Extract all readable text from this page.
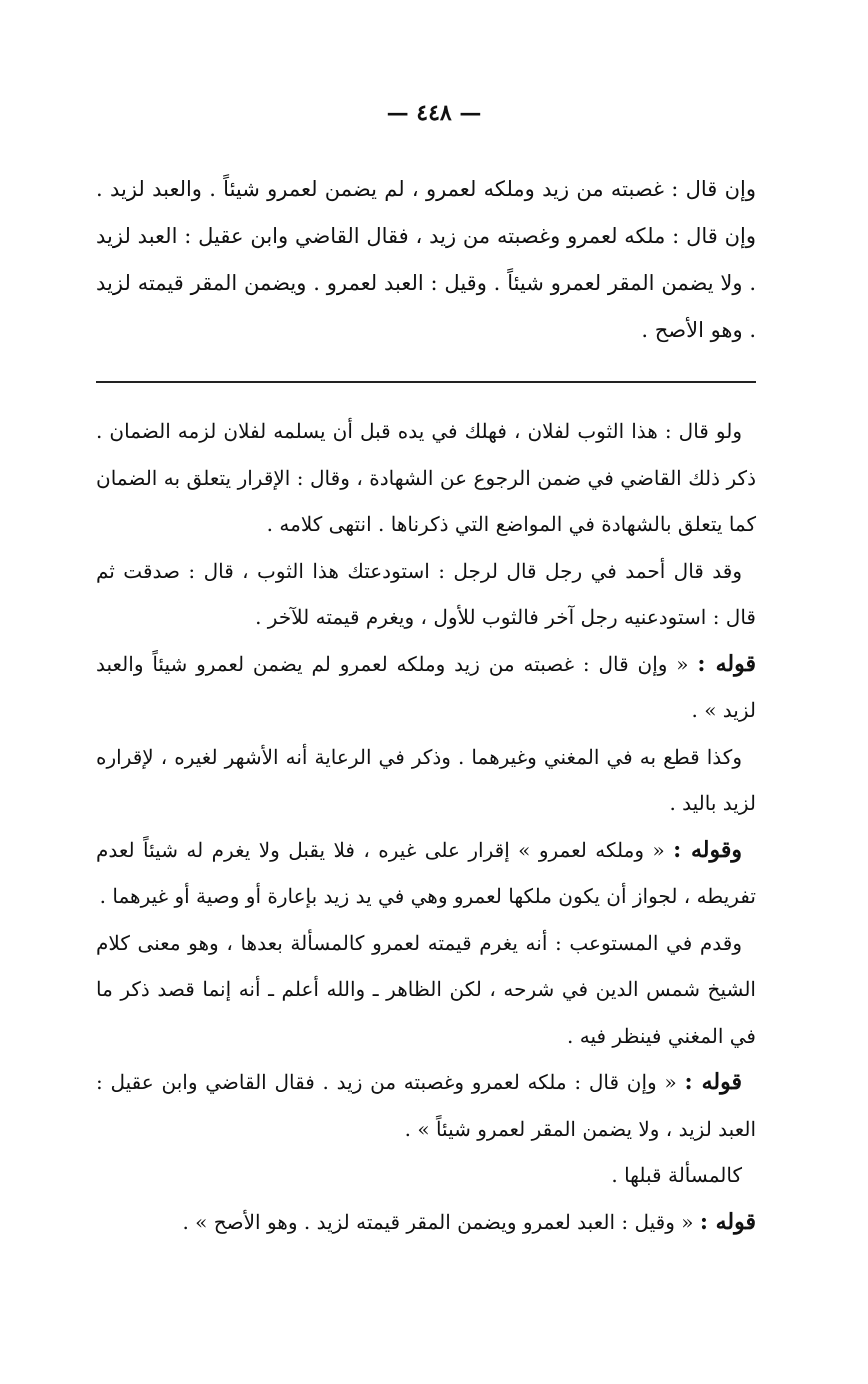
— ٤٤٨ —

وإن قال : غصبته من زيد وملكه لعمرو ، لم يضمن لعمرو شيئاً . والعبد لزيد . وإن قال : ملكه لعمرو وغصبته من زيد ، فقال القاضي وابن عقيل : العبد لزيد . ولا يضمن المقر لعمرو شيئاً . وقيل : العبد لعمرو . ويضمن المقر قيمته لزيد . وهو الأصح .

ولو قال : هذا الثوب لفلان ، فهلك في يده قبل أن يسلمه لفلان لزمه الضمان . ذكر ذلك القاضي في ضمن الرجوع عن الشهادة ، وقال : الإقرار يتعلق به الضمان كما يتعلق بالشهادة في المواضع التي ذكرناها . انتهى كلامه .

وقد قال أحمد في رجل قال لرجل : استودعتك هذا الثوب ، قال : صدقت ثم قال : استودعنيه رجل آخر فالثوب للأول ، ويغرم قيمته للآخر .

قوله : « وإن قال : غصبته من زيد وملكه لعمرو لم يضمن لعمرو شيئاً والعبد لزيد » .

وكذا قطع به في المغني وغيرهما . وذكر في الرعاية أنه الأشهر لغيره ، لإقراره لزيد باليد .

وقوله : « وملكه لعمرو » إقرار على غيره ، فلا يقبل ولا يغرم له شيئاً لعدم تفريطه ، لجواز أن يكون ملكها لعمرو وهي في يد زيد بإعارة أو وصية أو غيرهما .

وقدم في المستوعب : أنه يغرم قيمته لعمرو كالمسألة بعدها ، وهو معنى كلام الشيخ شمس الدين في شرحه ، لكن الظاهر ـ والله أعلم ـ أنه إنما قصد ذكر ما في المغني فينظر فيه .

قوله : « وإن قال : ملكه لعمرو وغصبته من زيد . فقال القاضي وابن عقيل : العبد لزيد ، ولا يضمن المقر لعمرو شيئاً » .

كالمسألة قبلها .

قوله : « وقيل : العبد لعمرو ويضمن المقر قيمته لزيد . وهو الأصح » .
